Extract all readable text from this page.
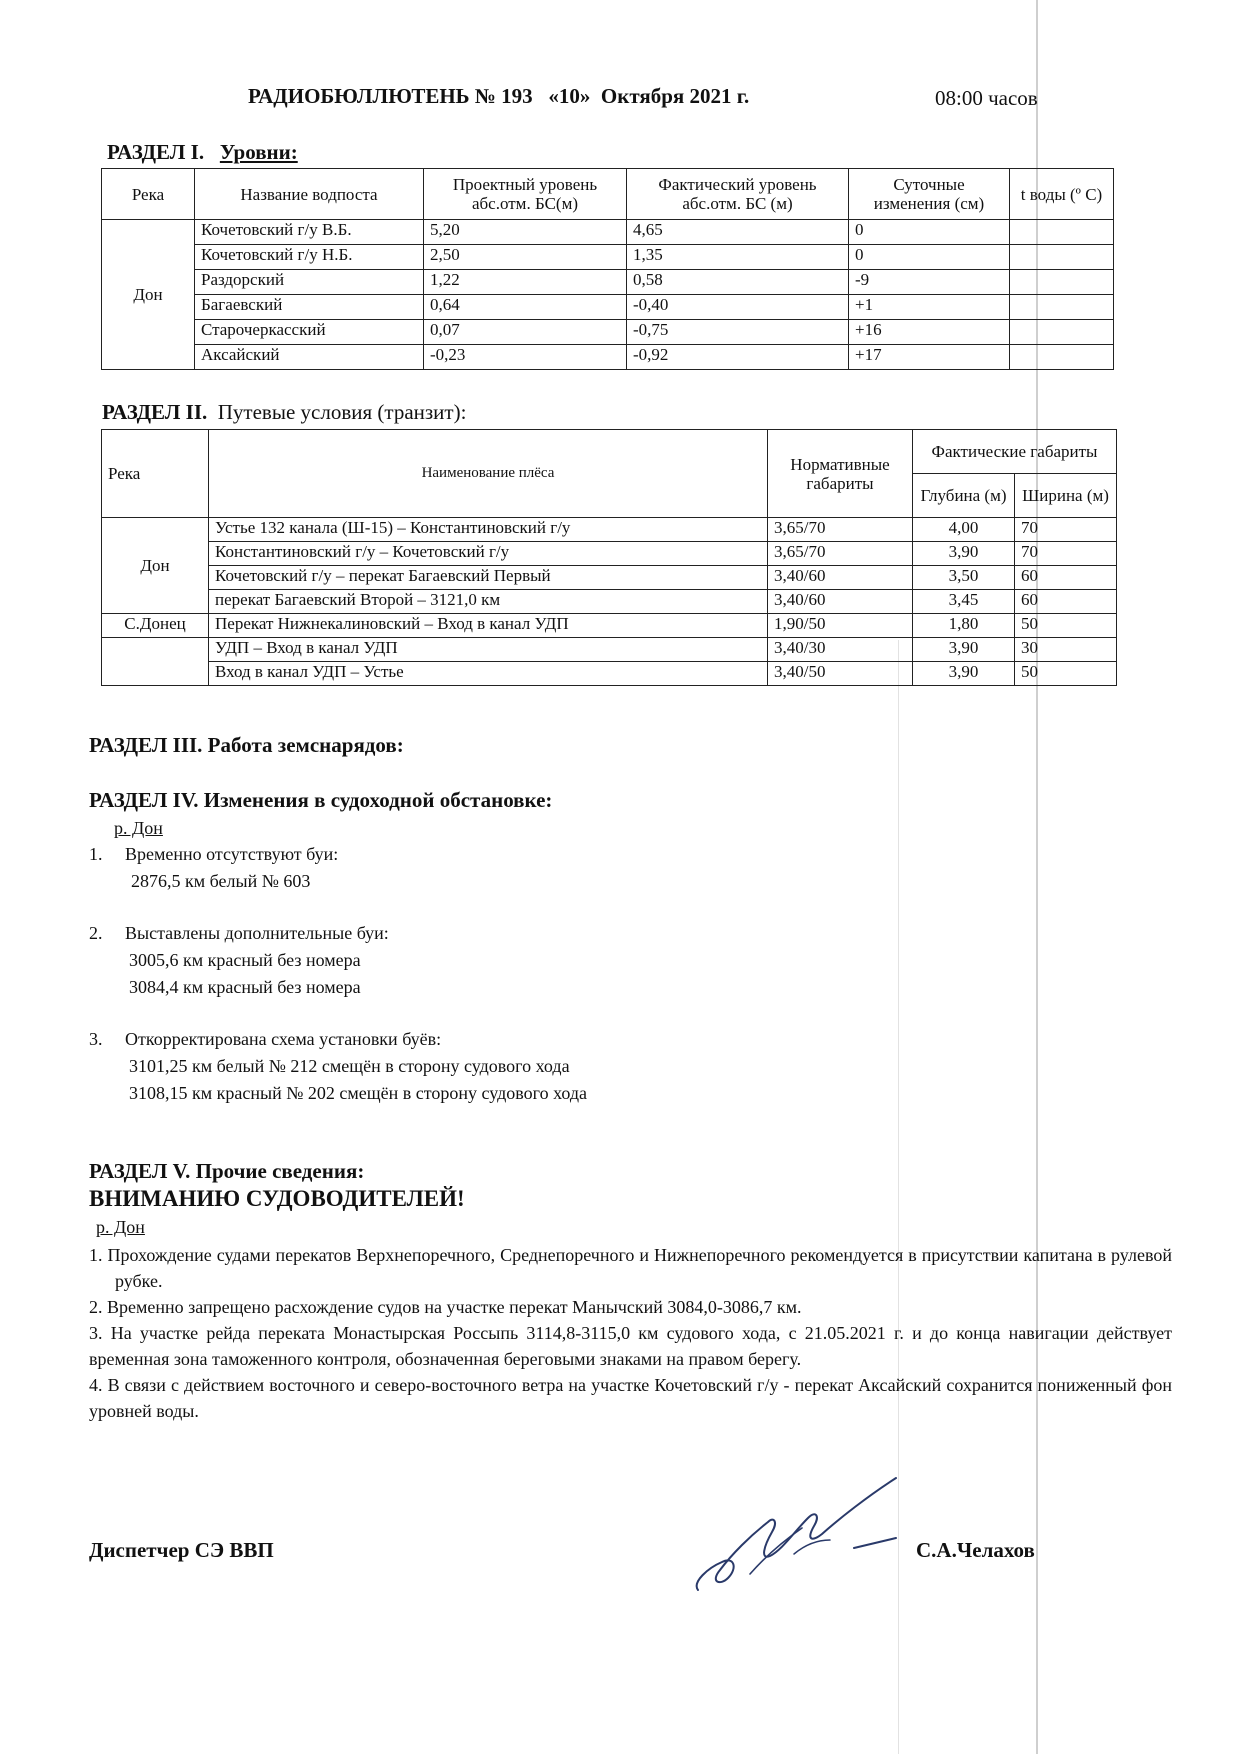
РАДИОБЮЛЛЮТЕНЬ № 193   «10»  Октября 2021 г.	08:00 часов
РАЗДЕЛ I. Уровни:
Река	Название водпоста	Проектный уровень абс.отм. БС(м)	Фактический уровень абс.отм. БС (м)	Суточные изменения (см)	t воды (º С)
Дон	Кочетовский г/у В.Б.	5,20	4,65	0	
	Кочетовский г/у Н.Б.	2,50	1,35	0	
	Раздорский	1,22	0,58	-9	
	Багаевский	0,64	-0,40	+1	
	Старочеркасский	0,07	-0,75	+16	
	Аксайский	-0,23	-0,92	+17	
РАЗДЕЛ II. Путевые условия (транзит):
Река	Наименование плёса	Нормативные габариты	Фактические габариты	
			Глубина (м)	Ширина (м)
Дон	Устье 132 канала (Ш-15) – Константиновский г/у	3,65/70	4,00	70
	Константиновский г/у – Кочетовский г/у	3,65/70	3,90	70
	Кочетовский г/у – перекат Багаевский Первый	3,40/60	3,50	60
	перекат Багаевский Второй – 3121,0 км	3,40/60	3,45	60
С.Донец	Перекат Нижнекалиновский – Вход в канал УДП	1,90/50	1,80	50
	УДП – Вход в канал УДП	3,40/30	3,90	30
	Вход в канал УДП – Устье	3,40/50	3,90	50
РАЗДЕЛ III. Работа земснарядов:
РАЗДЕЛ IV. Изменения в судоходной обстановке:
р. Дон
1. Временно отсутствуют буи:
2876,5 км белый № 603
2. Выставлены дополнительные буи:
3005,6 км красный без номера
3084,4 км красный без номера
3. Откорректирована схема установки буёв:
3101,25 км белый № 212 смещён в сторону судового хода
3108,15 км красный № 202 смещён в сторону судового хода
РАЗДЕЛ V. Прочие сведения:
ВНИМАНИЮ СУДОВОДИТЕЛЕЙ!
р. Дон

1. Прохождение судами перекатов Верхнепоречного, Среднепоречного и Нижнепоречного рекомендуется в присутствии капитана в рулевой рубке.

2. Временно запрещено расхождение судов на участке перекат Манычский 3084,0-3086,7 км.

3. На участке рейда переката Монастырская Россыпь 3114,8-3115,0 км судового хода, с 21.05.2021 г. и до конца навигации действует временная зона таможенного контроля, обозначенная береговыми знаками на правом берегу.

4. В связи с действием восточного и северо-восточного ветра на участке Кочетовский г/у - перекат Аксайский сохранится пониженный фон уровней воды.

Диспетчер СЭ ВВП	С.А.Челахов
